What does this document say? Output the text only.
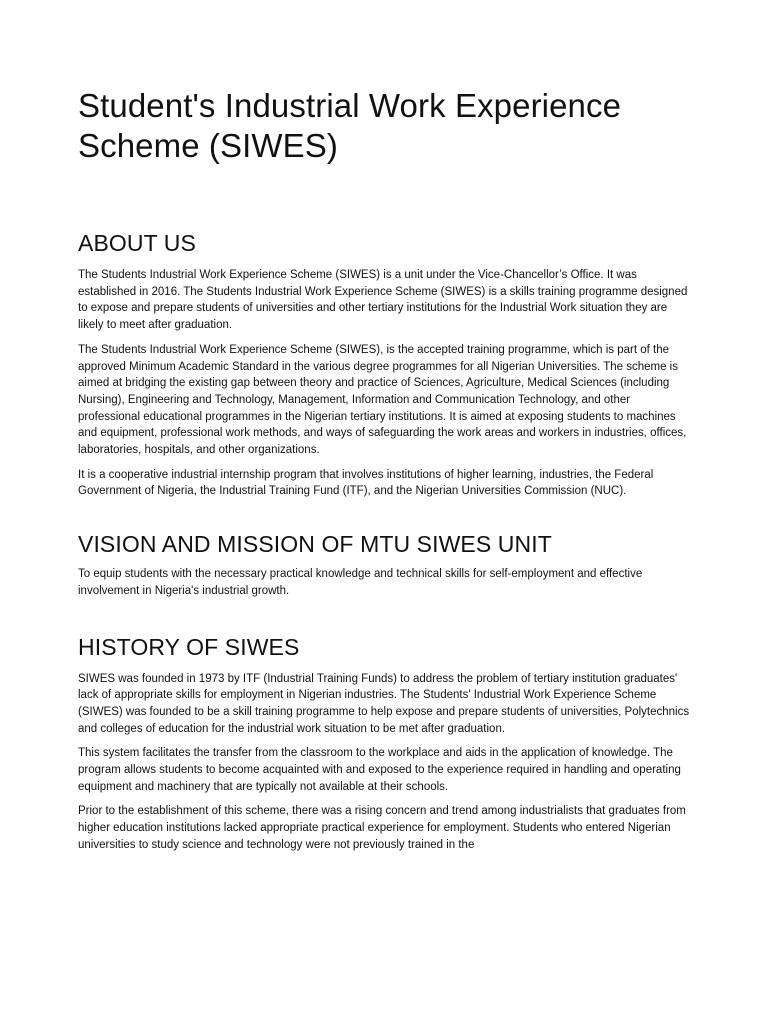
Student's Industrial Work Experience Scheme (SIWES)
ABOUT US

The Students Industrial Work Experience Scheme (SIWES) is a unit under the Vice-Chancellor’s Office. It was established in 2016. The Students Industrial Work Experience Scheme (SIWES) is a skills training programme designed to expose and prepare students of universities and other tertiary institutions for the Industrial Work situation they are likely to meet after graduation.

The Students Industrial Work Experience Scheme (SIWES), is the accepted training programme, which is part of the approved Minimum Academic Standard in the various degree programmes for all Nigerian Universities. The scheme is aimed at bridging the existing gap between theory and practice of Sciences, Agriculture, Medical Sciences (including Nursing), Engineering and Technology, Management, Information and Communication Technology, and other professional educational programmes in the Nigerian tertiary institutions. It is aimed at exposing students to machines and equipment, professional work methods, and ways of safeguarding the work areas and workers in industries, offices, laboratories, hospitals, and other organizations.

It is a cooperative industrial internship program that involves institutions of higher learning, industries, the Federal Government of Nigeria, the Industrial Training Fund (ITF), and the Nigerian Universities Commission (NUC).

VISION AND MISSION OF MTU SIWES UNIT

To equip students with the necessary practical knowledge and technical skills for self-employment and effective involvement in Nigeria's industrial growth.

HISTORY OF SIWES

SIWES was founded in 1973 by ITF (Industrial Training Funds) to address the problem of tertiary institution graduates' lack of appropriate skills for employment in Nigerian industries. The Students' Industrial Work Experience Scheme (SIWES) was founded to be a skill training programme to help expose and prepare students of universities, Polytechnics and colleges of education for the industrial work situation to be met after graduation.

This system facilitates the transfer from the classroom to the workplace and aids in the application of knowledge. The program allows students to become acquainted with and exposed to the experience required in handling and operating equipment and machinery that are typically not available at their schools.

Prior to the establishment of this scheme, there was a rising concern and trend among industrialists that graduates from higher education institutions lacked appropriate practical experience for employment. Students who entered Nigerian universities to study science and technology were not previously trained in the
